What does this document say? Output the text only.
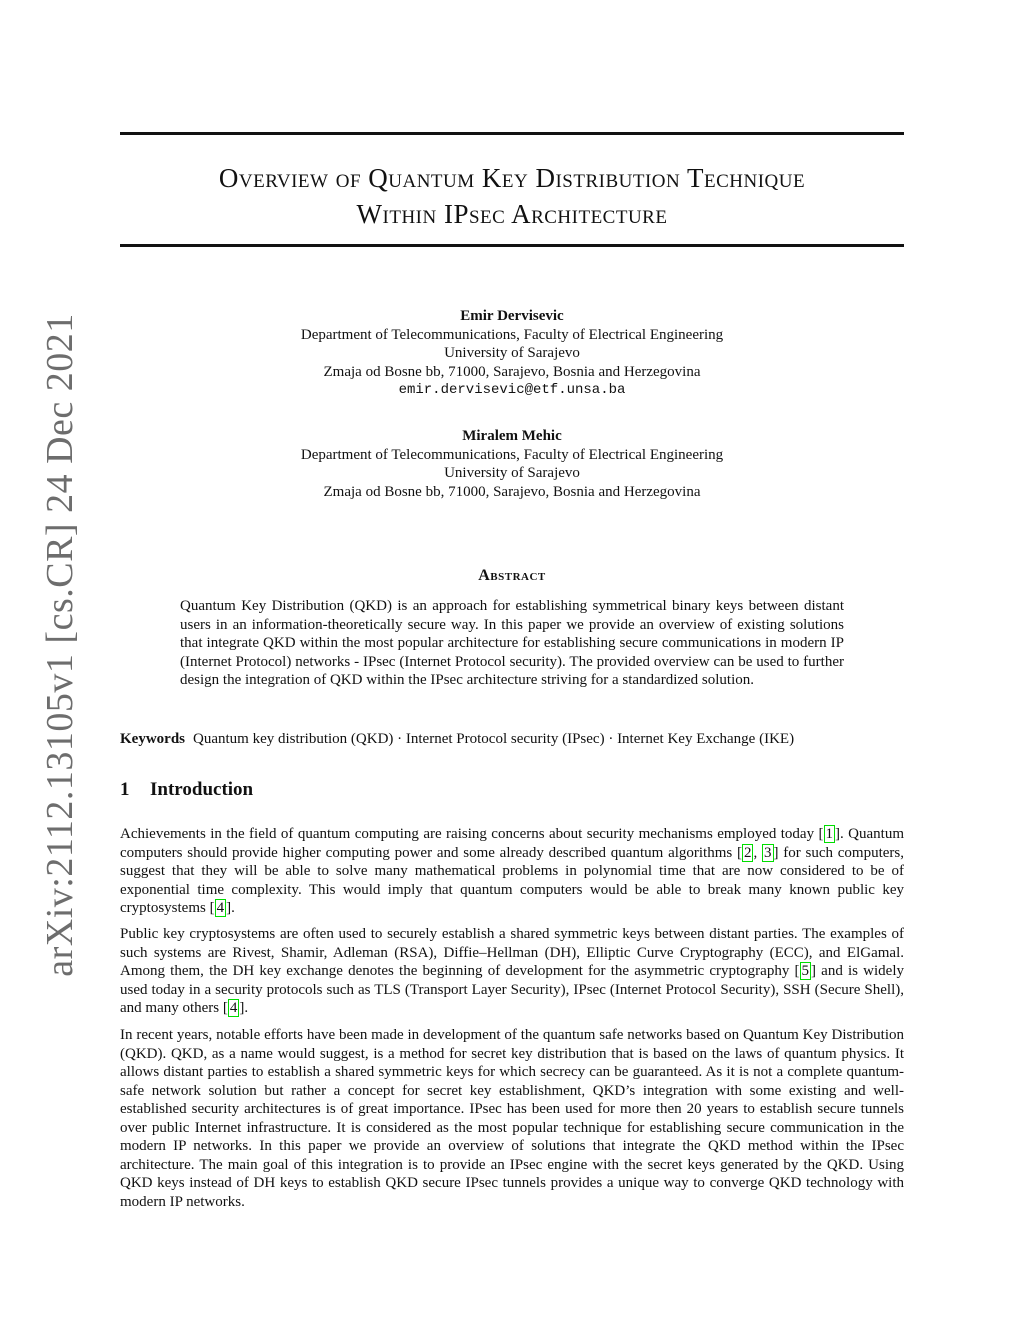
arXiv:2112.13105v1 [cs.CR] 24 Dec 2021
Overview of Quantum Key Distribution Technique
Within IPsec Architecture
Emir Dervisevic
Department of Telecommunications, Faculty of Electrical Engineering
University of Sarajevo
Zmaja od Bosne bb, 71000, Sarajevo, Bosnia and Herzegovina
emir.dervisevic@etf.unsa.ba
Miralem Mehic
Department of Telecommunications, Faculty of Electrical Engineering
University of Sarajevo
Zmaja od Bosne bb, 71000, Sarajevo, Bosnia and Herzegovina
Abstract
Quantum Key Distribution (QKD) is an approach for establishing symmetrical binary keys between distant users in an information-theoretically secure way. In this paper we provide an overview of existing solutions that integrate QKD within the most popular architecture for establishing secure communications in modern IP (Internet Protocol) networks - IPsec (Internet Protocol security). The provided overview can be used to further design the integration of QKD within the IPsec architecture striving for a standardized solution.
Keywords Quantum key distribution (QKD) · Internet Protocol security (IPsec) · Internet Key Exchange (IKE)
1 Introduction
Achievements in the field of quantum computing are raising concerns about security mechanisms employed today [ 1 ]. Quantum computers should provide higher computing power and some already described quantum algorithms [ 2 , 3 ] for such computers, suggest that they will be able to solve many mathematical problems in polynomial time that are now considered to be of exponential time complexity. This would imply that quantum computers would be able to break many known public key cryptosystems [ 4 ].
Public key cryptosystems are often used to securely establish a shared symmetric keys between distant parties. The examples of such systems are Rivest, Shamir, Adleman (RSA), Diffie–Hellman (DH), Elliptic Curve Cryptography (ECC), and ElGamal. Among them, the DH key exchange denotes the beginning of development for the asymmetric cryptography [ 5 ] and is widely used today in a security protocols such as TLS (Transport Layer Security), IPsec (Internet Protocol Security), SSH (Secure Shell), and many others [ 4 ].
In recent years, notable efforts have been made in development of the quantum safe networks based on Quantum Key Distribution (QKD). QKD, as a name would suggest, is a method for secret key distribution that is based on the laws of quantum physics. It allows distant parties to establish a shared symmetric keys for which secrecy can be guaranteed. As it is not a complete quantum-safe network solution but rather a concept for secret key establishment, QKD’s integration with some existing and well-established security architectures is of great importance. IPsec has been used for more then 20 years to establish secure tunnels over public Internet infrastructure. It is considered as the most popular technique for establishing secure communication in the modern IP networks. In this paper we provide an overview of solutions that integrate the QKD method within the IPsec architecture. The main goal of this integration is to provide an IPsec engine with the secret keys generated by the QKD. Using QKD keys instead of DH keys to establish QKD secure IPsec tunnels provides a unique way to converge QKD technology with modern IP networks.
